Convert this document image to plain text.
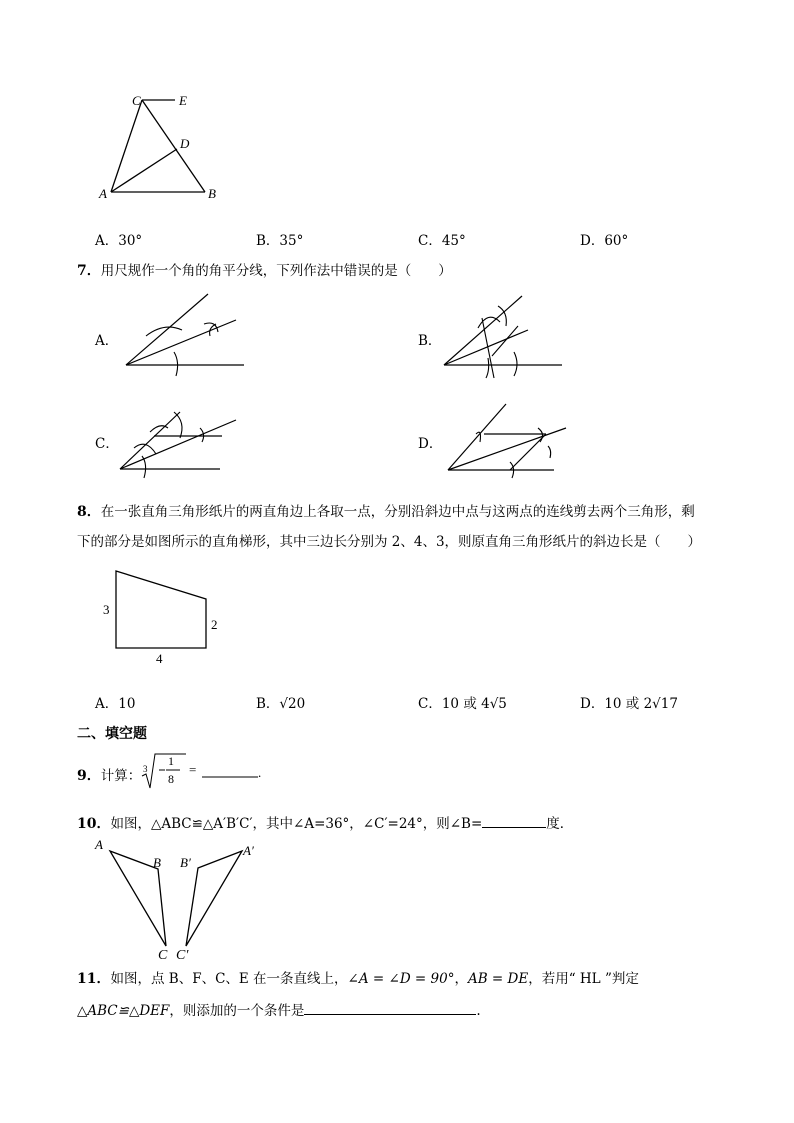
C	E
D
A	B
A．30°	B．35°	C．45°	D．60°
7．用尺规作一个角的角平分线，下列作法中错误的是（　　）
A．	B．
C．	D．
8．在一张直角三角形纸片的两直角边上各取一点，分别沿斜边中点与这两点的连线剪去两个三角形，剩
下的部分是如图所示的直角梯形，其中三边长分别为 2、4、3，则原直角三角形纸片的斜边长是（　　）
3
2
4
A．10	B．√20	C．10 或 4√5	D．10 或 2√17
二、填空题
9．计算： 3
1
8
=	.
10．如图，△ABC≌△A′B′C′，其中∠A=36°，∠C′=24°，则∠B=	度．
A
B B′
A′
C C′
11．如图，点 B、F、C、E 在一条直线上，∠A = ∠D = 90°，AB = DE，若用“ HL ”判定
△ABC≌△DEF，则添加的一个条件是	.
